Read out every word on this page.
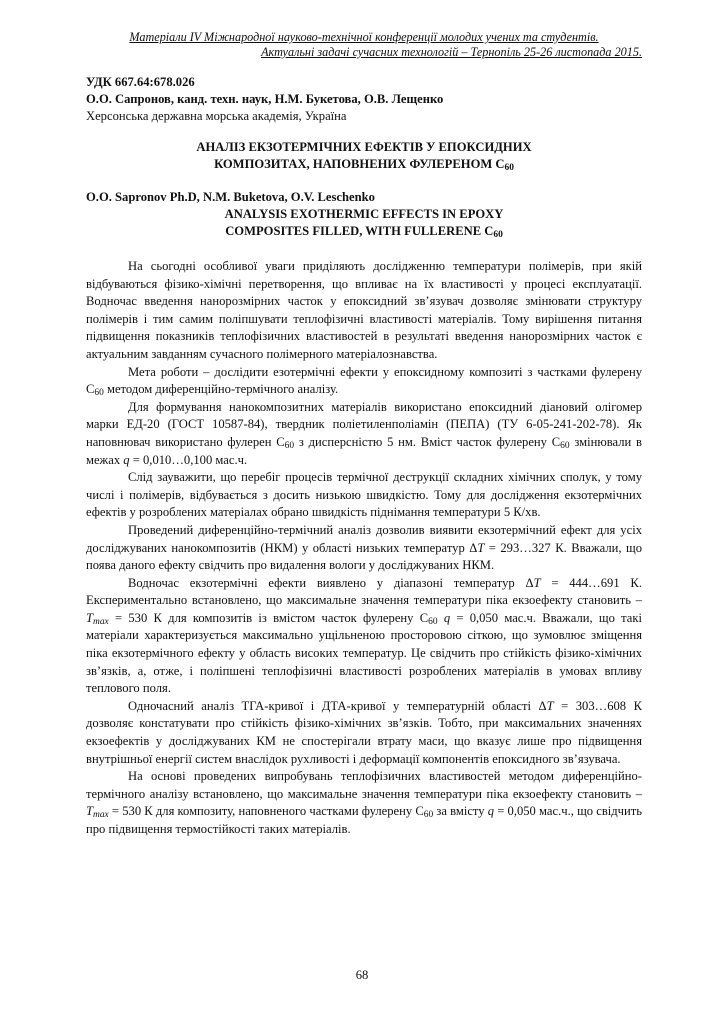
Матеріали IV Міжнародної науково-технічної конференції молодих учених та студентів.
Актуальні задачі сучасних технологій – Тернопіль 25-26 листопада 2015.
УДК 667.64:678.026
О.О. Сапронов, канд. техн. наук, Н.М. Букетова, О.В. Лещенко
Херсонська державна морська академія, Україна
АНАЛІЗ ЕКЗОТЕРМІЧНИХ ЕФЕКТІВ У ЕПОКСИДНИХ
КОМПОЗИТАХ, НАПОВНЕНИХ ФУЛЕРЕНОМ $С_{60}$
O.O. Sapronov Ph.D, N.M. Buketova, O.V. Leschenko
ANALYSIS EXOTHERMIC EFFECTS IN EPOXY
COMPOSITES FILLED, WITH FULLERENE $C_{60}$

На сьогодні особливої уваги приділяють дослідженню температури полімерів, при якій відбуваються фізико-хімічні перетворення, що впливає на їх властивості у процесі експлуатації. Водночас введення нанорозмірних часток у епоксидний зв’язувач дозволяє змінювати структуру полімерів і тим самим поліпшувати теплофізичні властивості матеріалів. Тому вирішення питання підвищення показників теплофізичних властивостей в результаті введення нанорозмірних часток є актуальним завданням сучасного полімерного матеріалознавства.

Мета роботи – дослідити езотермічні ефекти у епоксидному композиті з частками фулерену $С_{60}$ методом диференційно-термічного аналізу.

Для формування нанокомпозитних матеріалів використано епоксидний діановий олігомер марки ЕД-20 (ГОСТ 10587-84), твердник поліетиленполіамін (ПЕПА) (ТУ 6-05-241-202-78). Як наповнювач використано фулерен $С_{60}$ з дисперсністю 5 нм. Вміст часток фулерену $С_{60}$ змінювали в межах q = 0,010…0,100 мас.ч.

Слід зауважити, що перебіг процесів термічної деструкції складних хімічних сполук, у тому числі і полімерів, відбувається з досить низькою швидкістю. Тому для дослідження екзотермічних ефектів у розроблених матеріалах обрано швидкість піднімання температури 5 К/хв.

Проведений диференційно-термічний аналіз дозволив виявити екзотермічний ефект для усіх досліджуваних нанокомпозитів (НКМ) у області низьких температур ΔT = 293…327 К. Вважали, що поява даного ефекту свідчить про видалення вологи у досліджуваних НКМ.

Водночас екзотермічні ефекти виявлено у діапазоні температур ΔT = 444…691 К. Експериментально встановлено, що максимальне значення температури піка екзоефекту становить – $T_{max} = 530$ К для композитів із вмістом часток фулерену $С_{60}$ q = 0,050 мас.ч. Вважали, що такі матеріали характеризується максимально ущільненою просторовою сіткою, що зумовлює зміщення піка екзотермічного ефекту у область високих температур. Це свідчить про стійкість фізико-хімічних зв’язків, а, отже, і поліпшені теплофізичні властивості розроблених матеріалів в умовах впливу теплового поля.

Одночасний аналіз ТГА-кривої і ДТА-кривої у температурній області ΔT = 303…608 К дозволяє констатувати про стійкість фізико-хімічних зв’язків. Тобто, при максимальних значеннях екзоефектів у досліджуваних КМ не спостерігали втрату маси, що вказує лише про підвищення внутрішньої енергії систем внаслідок рухливості і деформації компонентів епоксидного зв’язувача.

На основі проведених випробувань теплофізичних властивостей методом диференційно-термічного аналізу встановлено, що максимальне значення температури піка екзоефекту становить – $T_{max} = 530$ К для композиту, наповненого частками фулерену $С_{60}$ за вмісту q = 0,050 мас.ч., що свідчить про підвищення термостійкості таких матеріалів.

68
